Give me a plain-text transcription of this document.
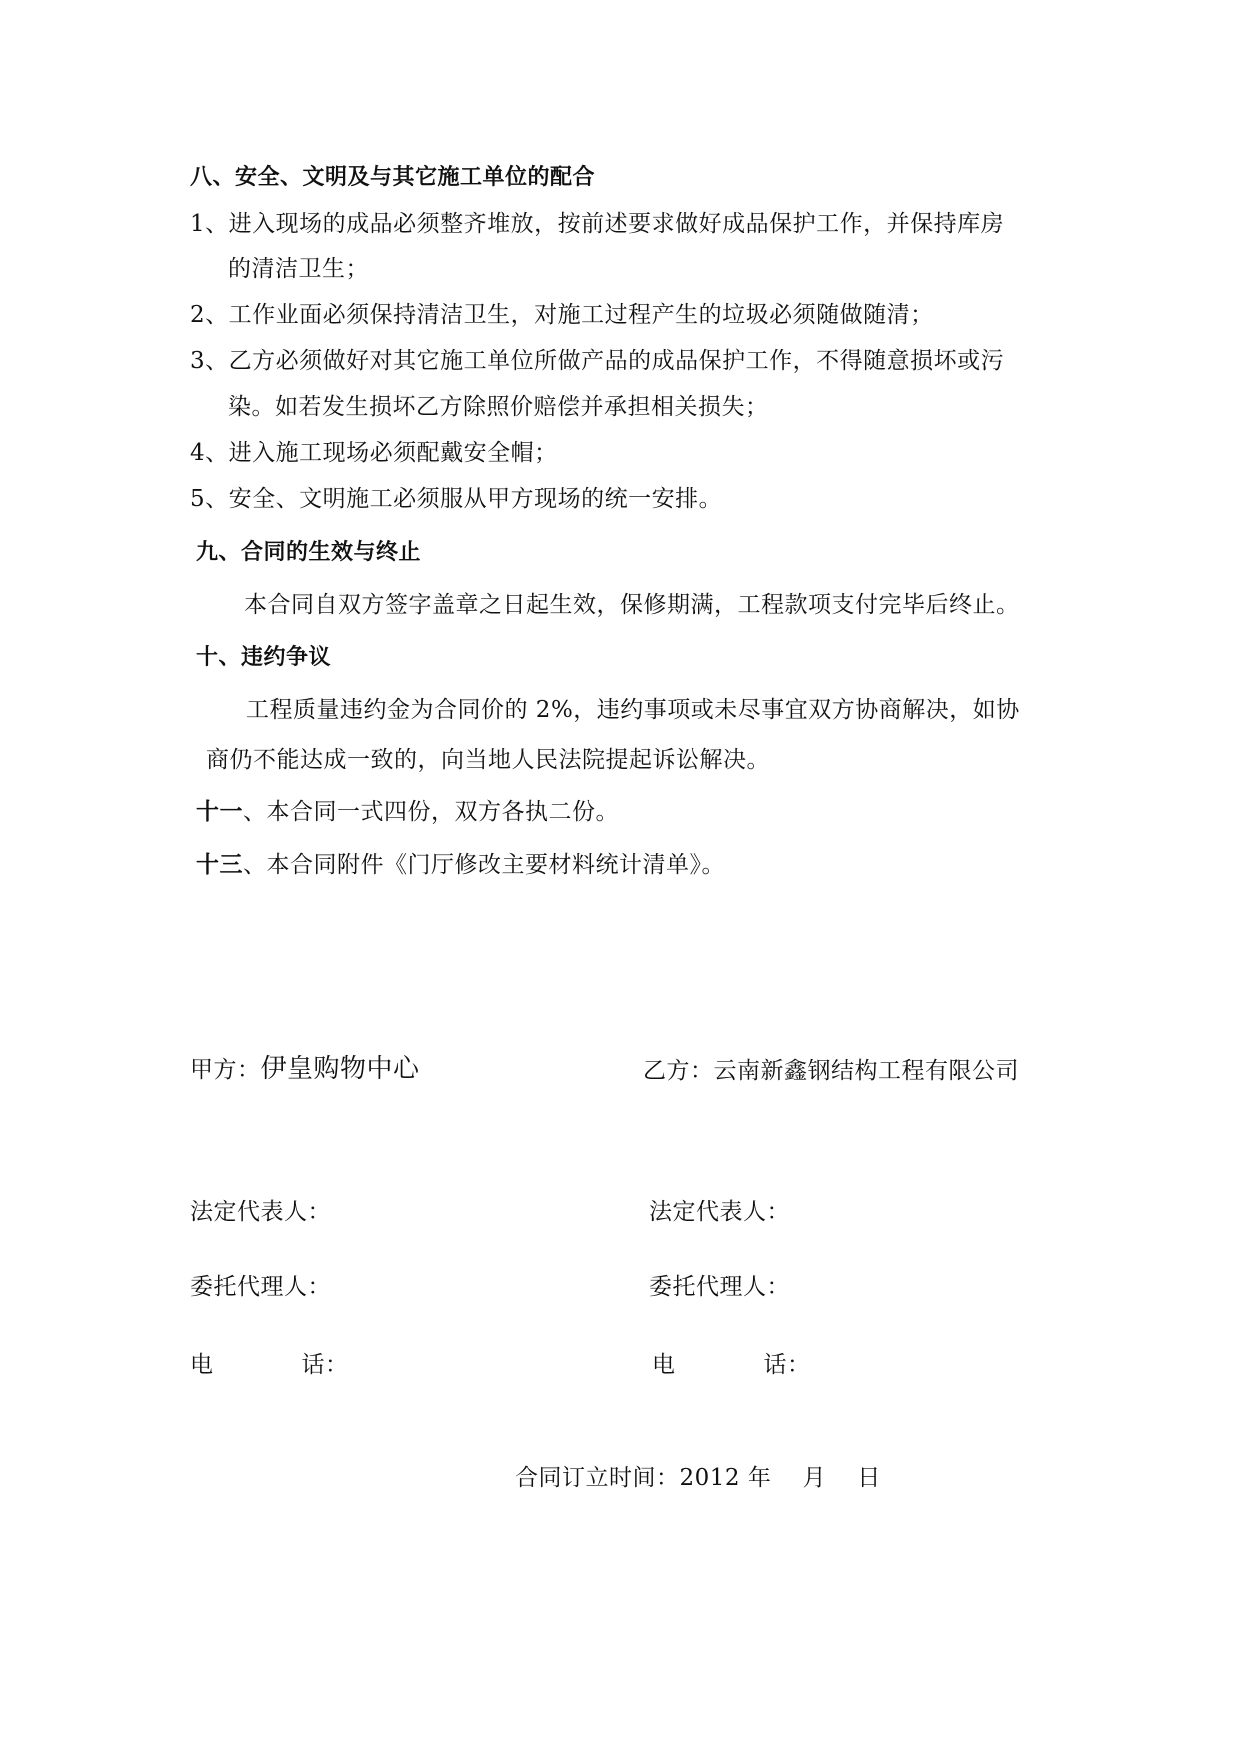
八、安全、文明及与其它施工单位的配合
1、进入现场的成品必须整齐堆放，按前述要求做好成品保护工作，并保持库房
的清洁卫生；
2、工作业面必须保持清洁卫生，对施工过程产生的垃圾必须随做随清；
3、乙方必须做好对其它施工单位所做产品的成品保护工作，不得随意损坏或污
染。如若发生损坏乙方除照价赔偿并承担相关损失；
4、进入施工现场必须配戴安全帽；
5、安全、文明施工必须服从甲方现场的统一安排。
九、合同的生效与终止
本合同自双方签字盖章之日起生效，保修期满，工程款项支付完毕后终止。
十、违约争议
工程质量违约金为合同价的 2%，违约事项或未尽事宜双方协商解决，如协
商仍不能达成一致的，向当地人民法院提起诉讼解决。
十一、本合同一式四份，双方各执二份。
十三、本合同附件《门厅修改主要材料统计清单》。
甲方：伊皇购物中心	乙方：云南新鑫钢结构工程有限公司
法定代表人：	法定代表人：
委托代理人：	委托代理人：
电	话：	电	话：
合同订立时间：2012 年    月    日
